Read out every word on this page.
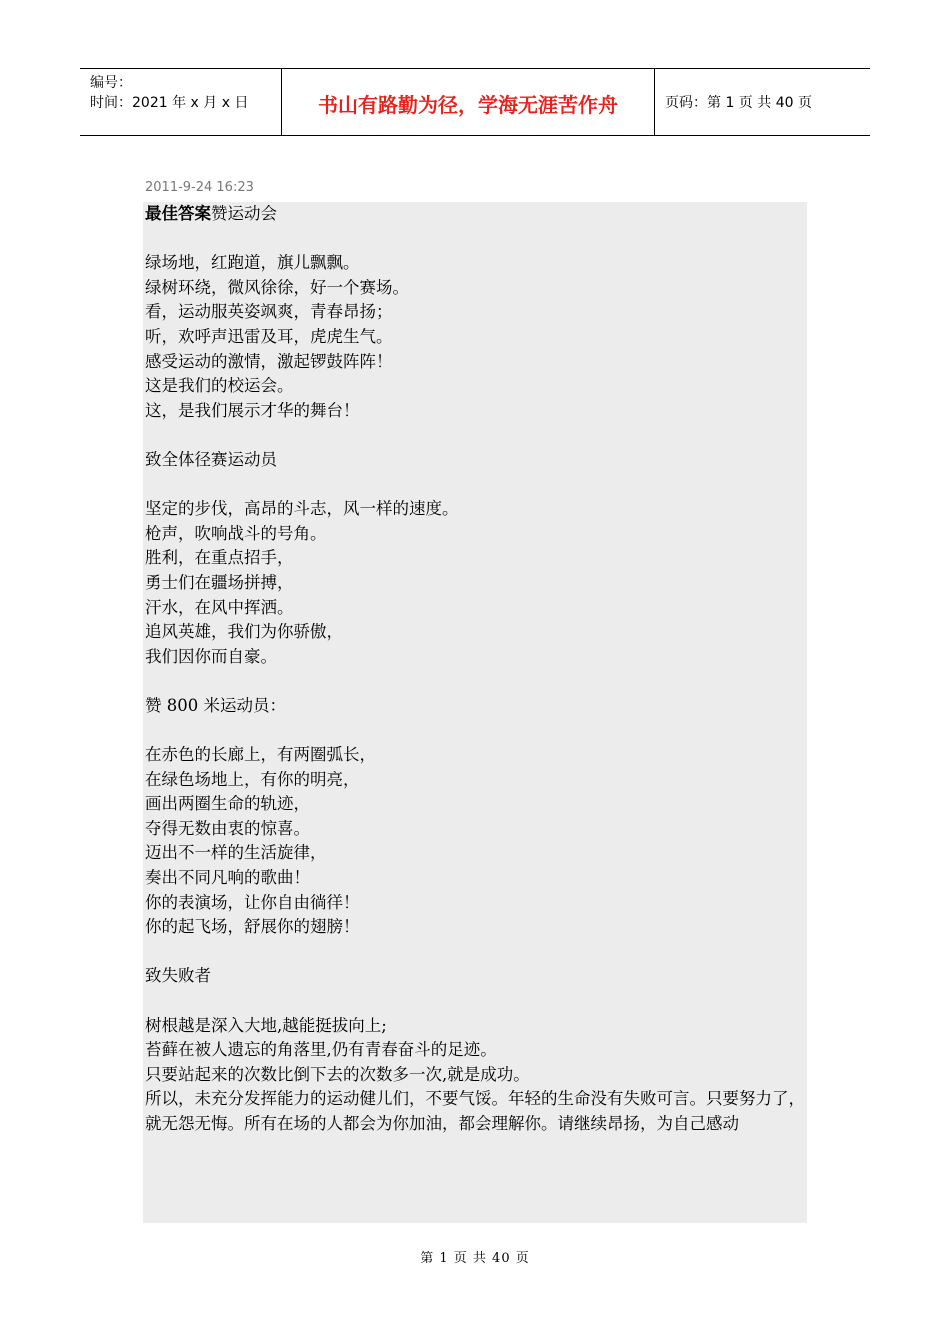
编号：
时间：2021 年 x 月 x 日	书山有路勤为径，学海无涯苦作舟	页码：第 1 页 共 40 页
2011-9-24 16:23
最佳答案赞运动会
绿场地，红跑道，旗儿飘飘。
绿树环绕，微风徐徐，好一个赛场。
看，运动服英姿飒爽，青春昂扬；
听，欢呼声迅雷及耳，虎虎生气。
感受运动的激情，激起锣鼓阵阵！
这是我们的校运会。
这，是我们展示才华的舞台！
致全体径赛运动员
坚定的步伐，高昂的斗志，风一样的速度。
枪声，吹响战斗的号角。
胜利，在重点招手，
勇士们在疆场拼搏，
汗水，在风中挥洒。
追风英雄，我们为你骄傲，
我们因你而自豪。
赞 800 米运动员：
在赤色的长廊上，有两圈弧长，
在绿色场地上，有你的明亮，
画出两圈生命的轨迹，
夺得无数由衷的惊喜。
迈出不一样的生活旋律，
奏出不同凡响的歌曲！
你的表演场，让你自由徜徉！
你的起飞场，舒展你的翅膀！
致失败者
树根越是深入大地,越能挺拔向上;
苔藓在被人遗忘的角落里,仍有青春奋斗的足迹。
只要站起来的次数比倒下去的次数多一次,就是成功。
所以，未充分发挥能力的运动健儿们，不要气馁。年轻的生命没有失败可言。只要努力了，就无怨无悔。所有在场的人都会为你加油，都会理解你。请继续昂扬，为自己感动
第 1 页 共 40 页
